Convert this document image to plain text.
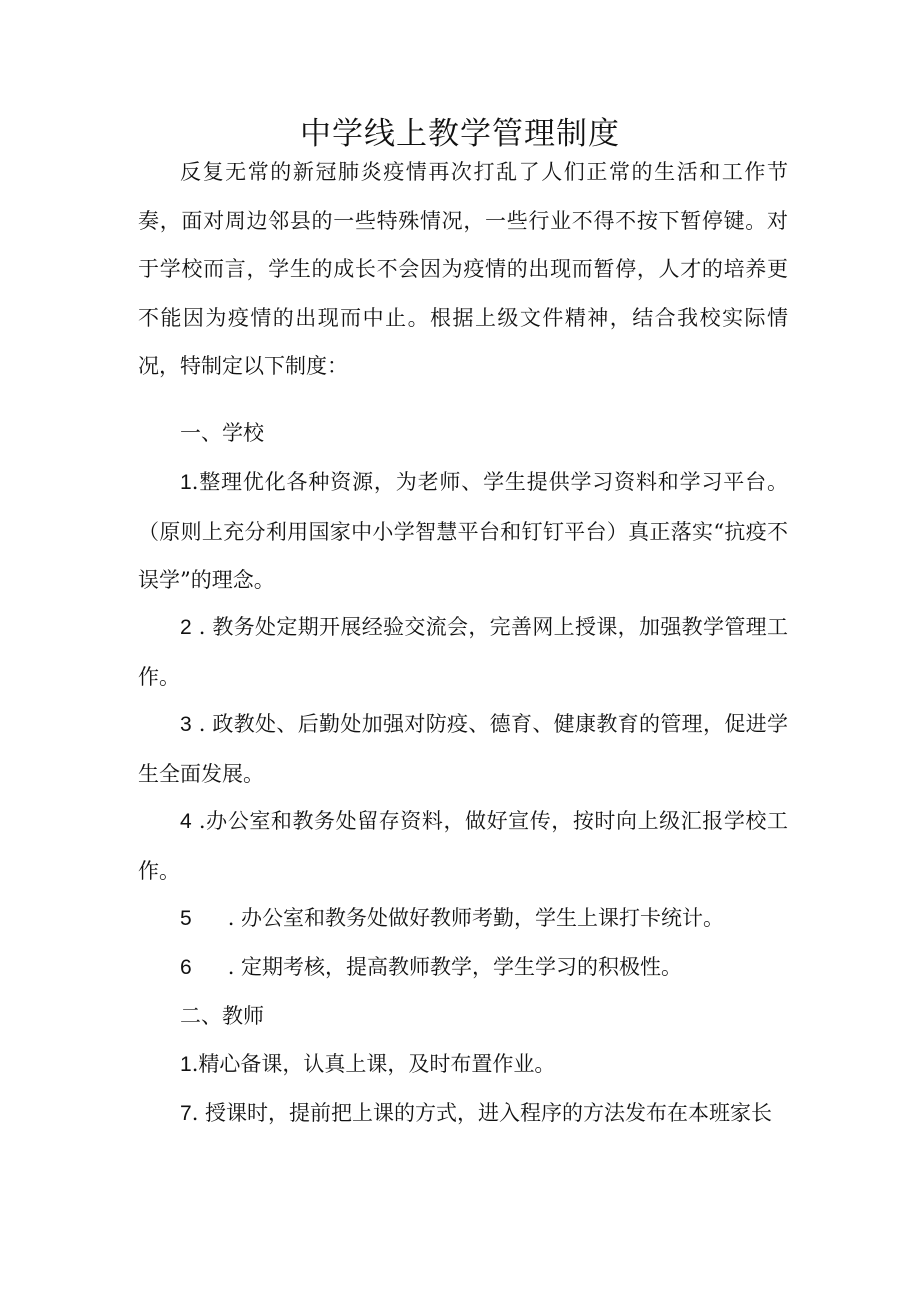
中学线上教学管理制度

反复无常的新冠肺炎疫情再次打乱了人们正常的生活和工作节奏，面对周边邻县的一些特殊情况，一些行业不得不按下暂停键。对于学校而言，学生的成长不会因为疫情的出现而暂停，人才的培养更不能因为疫情的出现而中止。根据上级文件精神，结合我校实际情况，特制定以下制度：

一、学校

1.整理优化各种资源，为老师、学生提供学习资料和学习平台。（原则上充分利用国家中小学智慧平台和钉钉平台）真正落实“抗疫不误学”的理念。

2 . 教务处定期开展经验交流会，完善网上授课，加强教学管理工作。

3 . 政教处、后勤处加强对防疫、德育、健康教育的管理，促进学生全面发展。

4 .办公室和教务处留存资料，做好宣传，按时向上级汇报学校工作。

5 . 办公室和教务处做好教师考勤，学生上课打卡统计。

6 . 定期考核，提高教师教学，学生学习的积极性。

二、教师

1.精心备课，认真上课，及时布置作业。

7. 授课时，提前把上课的方式，进入程序的方法发布在本班家长
